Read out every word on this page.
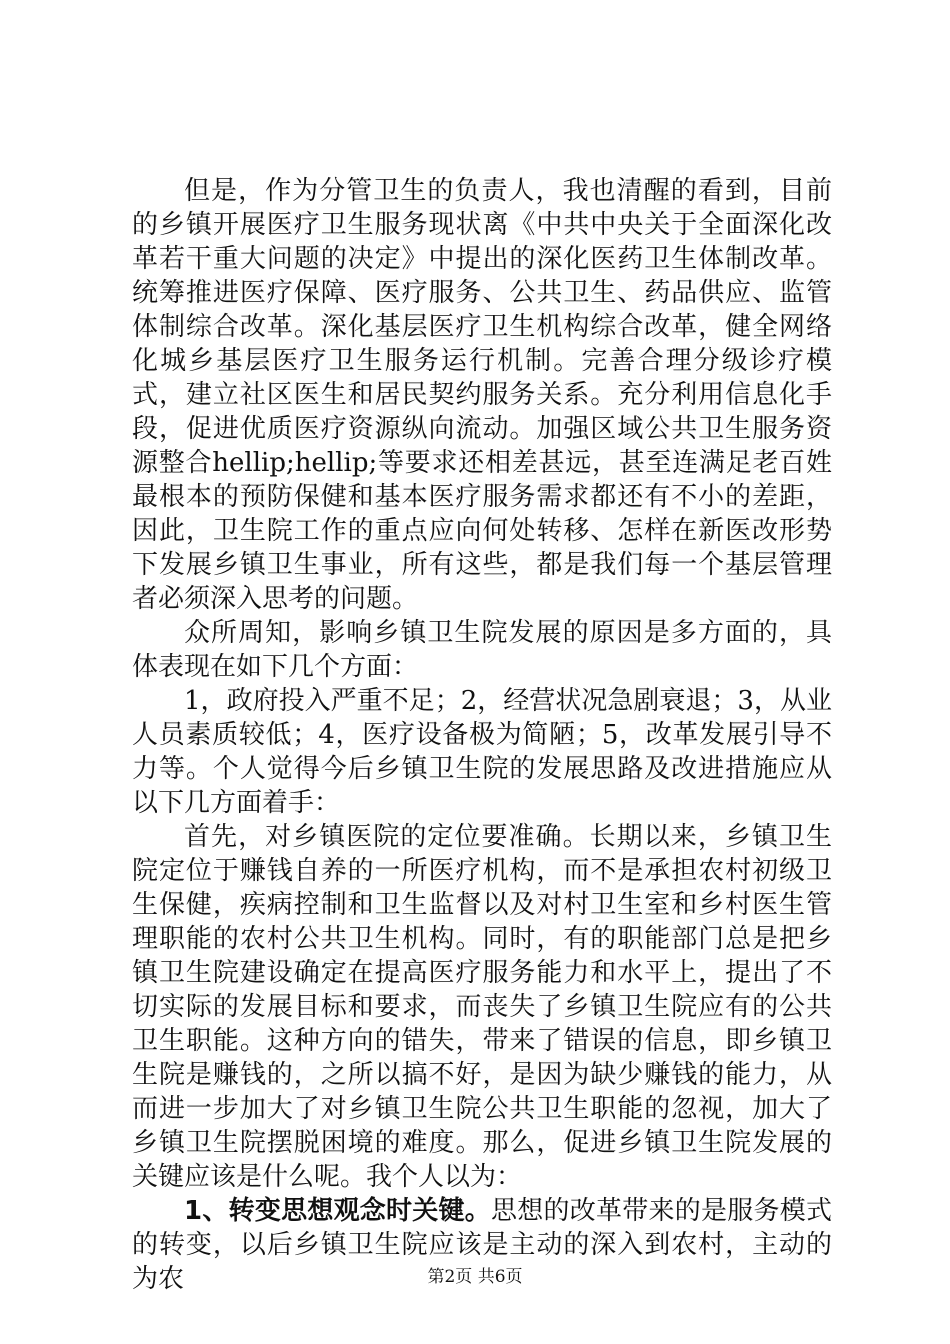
但是，作为分管卫生的负责人，我也清醒的看到，目前的乡镇开展医疗卫生服务现状离《中共中央关于全面深化改革若干重大问题的决定》中提出的深化医药卫生体制改革。统筹推进医疗保障、医疗服务、公共卫生、药品供应、监管体制综合改革。深化基层医疗卫生机构综合改革，健全网络化城乡基层医疗卫生服务运行机制。完善合理分级诊疗模式，建立社区医生和居民契约服务关系。充分利用信息化手段，促进优质医疗资源纵向流动。加强区域公共卫生服务资源整合hellip;hellip;等要求还相差甚远，甚至连满足老百姓最根本的预防保健和基本医疗服务需求都还有不小的差距，因此，卫生院工作的重点应向何处转移、怎样在新医改形势下发展乡镇卫生事业，所有这些，都是我们每一个基层管理者必须深入思考的问题。

众所周知，影响乡镇卫生院发展的原因是多方面的，具体表现在如下几个方面：

1，政府投入严重不足；2，经营状况急剧衰退；3，从业人员素质较低；4，医疗设备极为简陋；5，改革发展引导不力等。个人觉得今后乡镇卫生院的发展思路及改进措施应从以下几方面着手：

首先，对乡镇医院的定位要准确。长期以来，乡镇卫生院定位于赚钱自养的一所医疗机构，而不是承担农村初级卫生保健，疾病控制和卫生监督以及对村卫生室和乡村医生管理职能的农村公共卫生机构。同时，有的职能部门总是把乡镇卫生院建设确定在提高医疗服务能力和水平上，提出了不切实际的发展目标和要求，而丧失了乡镇卫生院应有的公共卫生职能。这种方向的错失，带来了错误的信息，即乡镇卫生院是赚钱的，之所以搞不好，是因为缺少赚钱的能力，从而进一步加大了对乡镇卫生院公共卫生职能的忽视，加大了乡镇卫生院摆脱困境的难度。那么，促进乡镇卫生院发展的关键应该是什么呢。我个人以为：

1、转变思想观念时关键。思想的改革带来的是服务模式的转变，以后乡镇卫生院应该是主动的深入到农村，主动的为农	第2页 共6页
